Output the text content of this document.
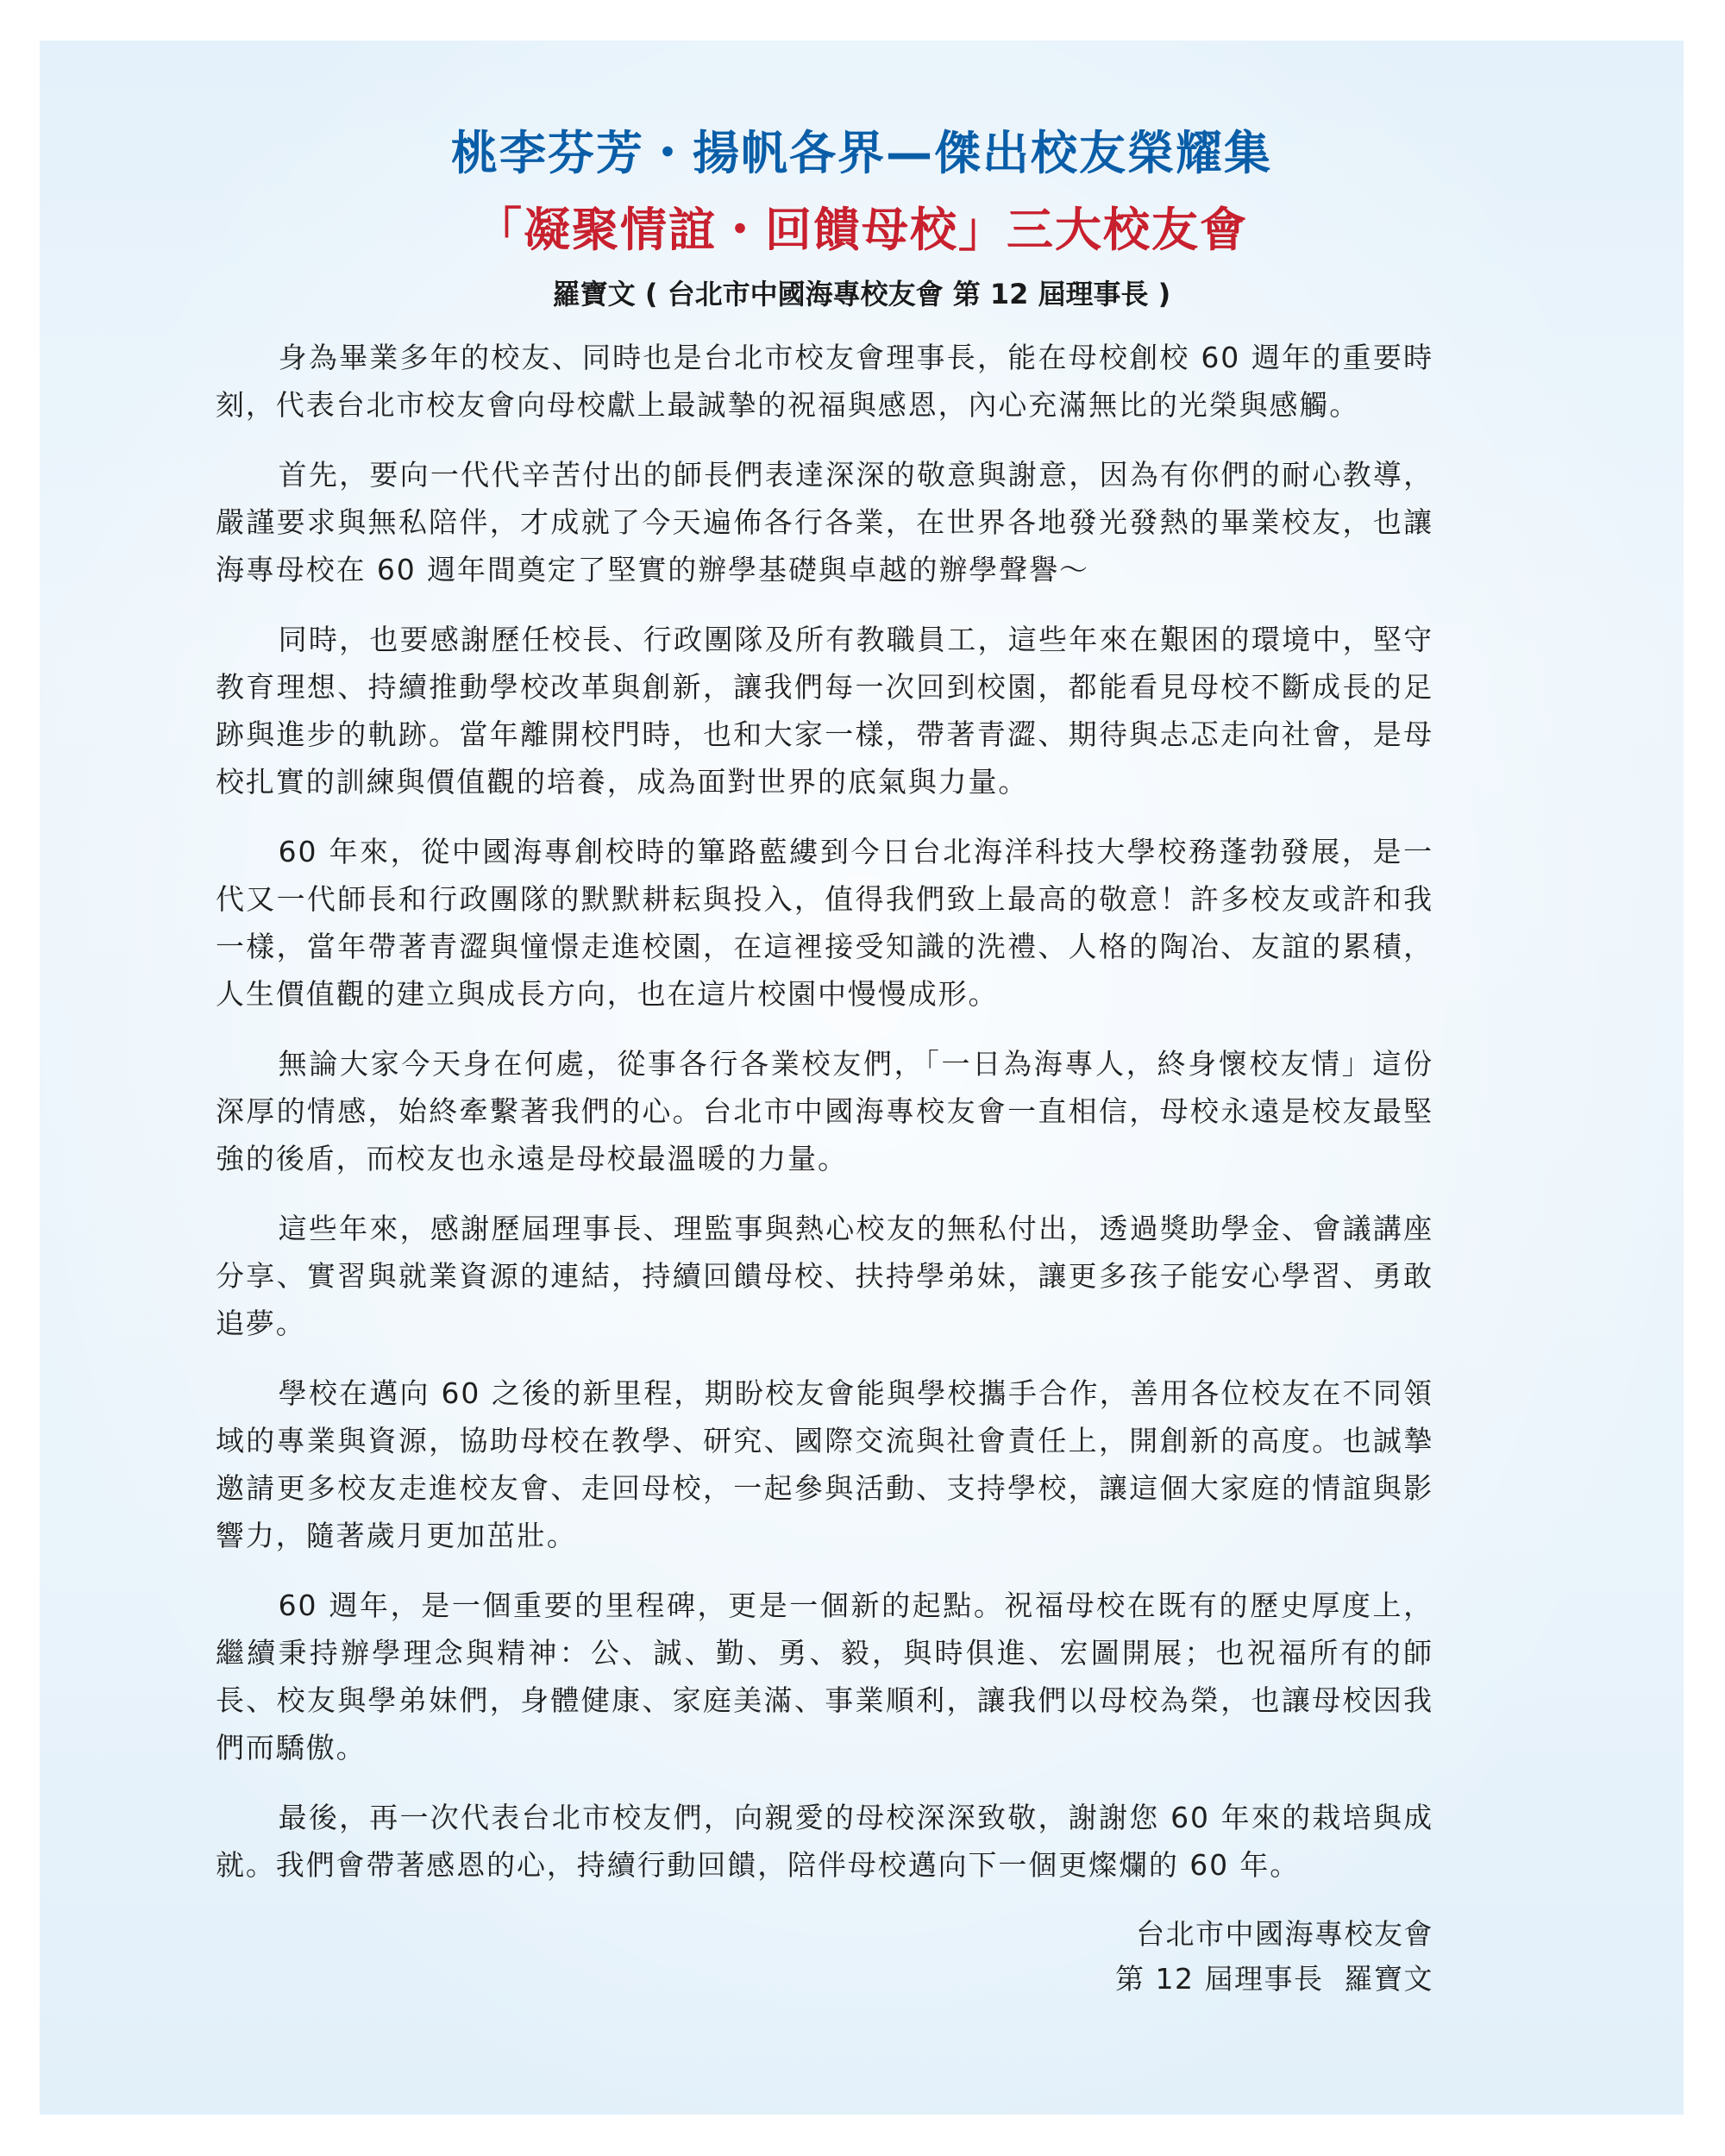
桃李芬芳・揚帆各界—傑出校友榮耀集
「凝聚情誼・回饋母校」三大校友會
羅寶文 ( 台北市中國海專校友會 第 12 屆理事長 )

身為畢業多年的校友、同時也是台北市校友會理事長，能在母校創校 60 週年的重要時刻，代表台北市校友會向母校獻上最誠摯的祝福與感恩，內心充滿無比的光榮與感觸。

首先，要向一代代辛苦付出的師長們表達深深的敬意與謝意，因為有你們的耐心教導，嚴謹要求與無私陪伴，才成就了今天遍佈各行各業，在世界各地發光發熱的畢業校友，也讓海專母校在 60 週年間奠定了堅實的辦學基礎與卓越的辦學聲譽～

同時，也要感謝歷任校長、行政團隊及所有教職員工，這些年來在艱困的環境中，堅守教育理想、持續推動學校改革與創新，讓我們每一次回到校園，都能看見母校不斷成長的足跡與進步的軌跡。當年離開校門時，也和大家一樣，帶著青澀、期待與忐忑走向社會，是母校扎實的訓練與價值觀的培養，成為面對世界的底氣與力量。

60 年來，從中國海專創校時的篳路藍縷到今日台北海洋科技大學校務蓬勃發展，是一代又一代師長和行政團隊的默默耕耘與投入，值得我們致上最高的敬意！許多校友或許和我一樣，當年帶著青澀與憧憬走進校園，在這裡接受知識的洗禮、人格的陶冶、友誼的累積，人生價值觀的建立與成長方向，也在這片校園中慢慢成形。

無論大家今天身在何處，從事各行各業校友們，「一日為海專人，終身懷校友情」這份深厚的情感，始終牽繫著我們的心。台北市中國海專校友會一直相信，母校永遠是校友最堅強的後盾，而校友也永遠是母校最溫暖的力量。

這些年來，感謝歷屆理事長、理監事與熱心校友的無私付出，透過獎助學金、會議講座分享、實習與就業資源的連結，持續回饋母校、扶持學弟妹，讓更多孩子能安心學習、勇敢追夢。

學校在邁向 60 之後的新里程，期盼校友會能與學校攜手合作，善用各位校友在不同領域的專業與資源，協助母校在教學、研究、國際交流與社會責任上，開創新的高度。也誠摯邀請更多校友走進校友會、走回母校，一起參與活動、支持學校，讓這個大家庭的情誼與影響力，隨著歲月更加茁壯。

60 週年，是一個重要的里程碑，更是一個新的起點。祝福母校在既有的歷史厚度上，繼續秉持辦學理念與精神：公、誠、勤、勇、毅，與時俱進、宏圖開展；也祝福所有的師長、校友與學弟妹們，身體健康、家庭美滿、事業順利，讓我們以母校為榮，也讓母校因我們而驕傲。

最後，再一次代表台北市校友們，向親愛的母校深深致敬，謝謝您 60 年來的栽培與成就。我們會帶著感恩的心，持續行動回饋，陪伴母校邁向下一個更燦爛的 60 年。

台北市中國海專校友會
第 12 屆理事長  羅寶文
